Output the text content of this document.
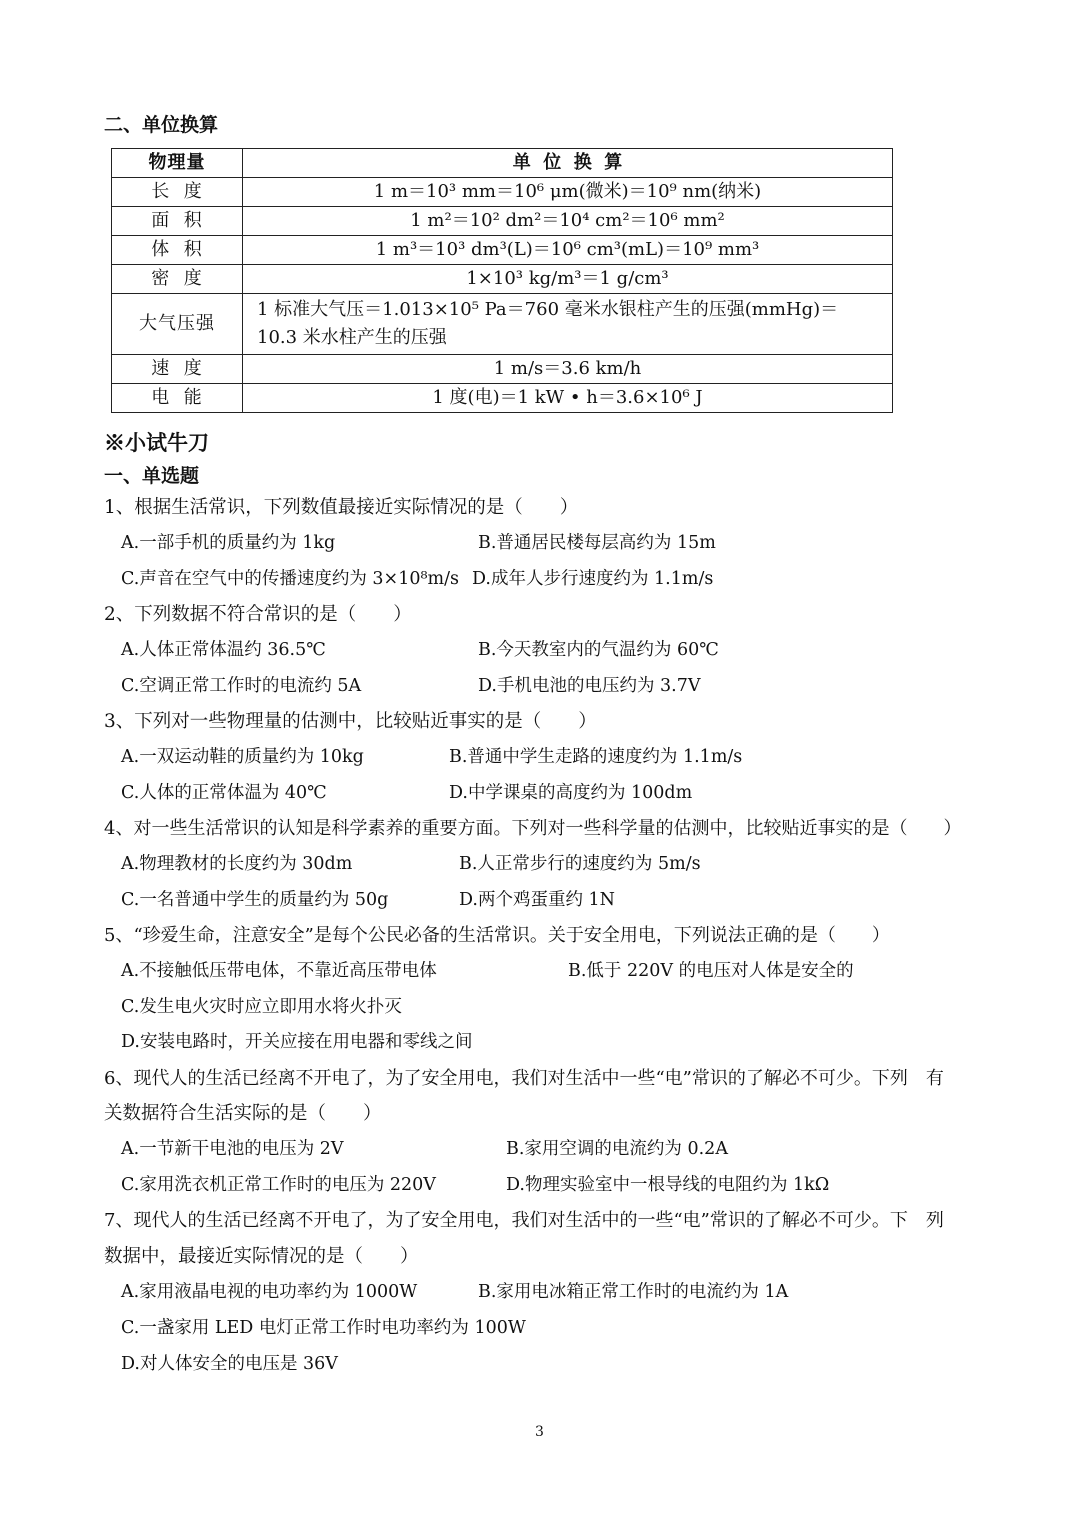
二、单位换算
物理量	单  位  换  算
长  度	1 m＝10³ mm＝10⁶ μm(微米)＝10⁹ nm(纳米)
面  积	1 m²＝10² dm²＝10⁴ cm²＝10⁶ mm²
体  积	1 m³＝10³ dm³(L)＝10⁶ cm³(mL)＝10⁹ mm³
密  度	1×10³ kg/m³＝1 g/cm³
大气压强	1 标准大气压＝1.013×10⁵ Pa＝760 毫米水银柱产生的压强(mmHg)＝10.3 米水柱产生的压强
速  度	1 m/s＝3.6 km/h
电  能	1 度(电)＝1 kW • h＝3.6×10⁶ J
※小试牛刀
一、单选题
1、根据生活常识，下列数值最接近实际情况的是（　　）
A.一部手机的质量约为 1kg	B.普通居民楼每层高约为 15m
C.声音在空气中的传播速度约为 3×10⁸m/s D.成年人步行速度约为 1.1m/s
2、下列数据不符合常识的是（　　）
A.人体正常体温约 36.5℃	B.今天教室内的气温约为 60℃
C.空调正常工作时的电流约 5A	D.手机电池的电压约为 3.7V
3、下列对一些物理量的估测中，比较贴近事实的是（　　）
A.一双运动鞋的质量约为 10kg	B.普通中学生走路的速度约为 1.1m/s
C.人体的正常体温为 40℃	D.中学课桌的高度约为 100dm
4、对一些生活常识的认知是科学素养的重要方面。下列对一些科学量的估测中，比较贴近事实的是（　　）
A.物理教材的长度约为 30dm	B.人正常步行的速度约为 5m/s
C.一名普通中学生的质量约为 50g	D.两个鸡蛋重约 1N
5、“珍爱生命，注意安全”是每个公民必备的生活常识。关于安全用电，下列说法正确的是（　　）
A.不接触低压带电体，不靠近高压带电体	B.低于 220V 的电压对人体是安全的
C.发生电火灾时应立即用水将火扑灭
D.安装电路时，开关应接在用电器和零线之间
6、现代人的生活已经离不开电了，为了安全用电，我们对生活中一些“电”常识的了解必不可少。下列　有
关数据符合生活实际的是（　　）
A.一节新干电池的电压为 2V	B.家用空调的电流约为 0.2A
C.家用洗衣机正常工作时的电压为 220V	D.物理实验室中一根导线的电阻约为 1kΩ
7、现代人的生活已经离不开电了，为了安全用电，我们对生活中的一些“电”常识的了解必不可少。下　列
数据中，最接近实际情况的是（　　）
A.家用液晶电视的电功率约为 1000W	B.家用电冰箱正常工作时的电流约为 1A
C.一盏家用 LED 电灯正常工作时电功率约为 100W
D.对人体安全的电压是 36V
3
